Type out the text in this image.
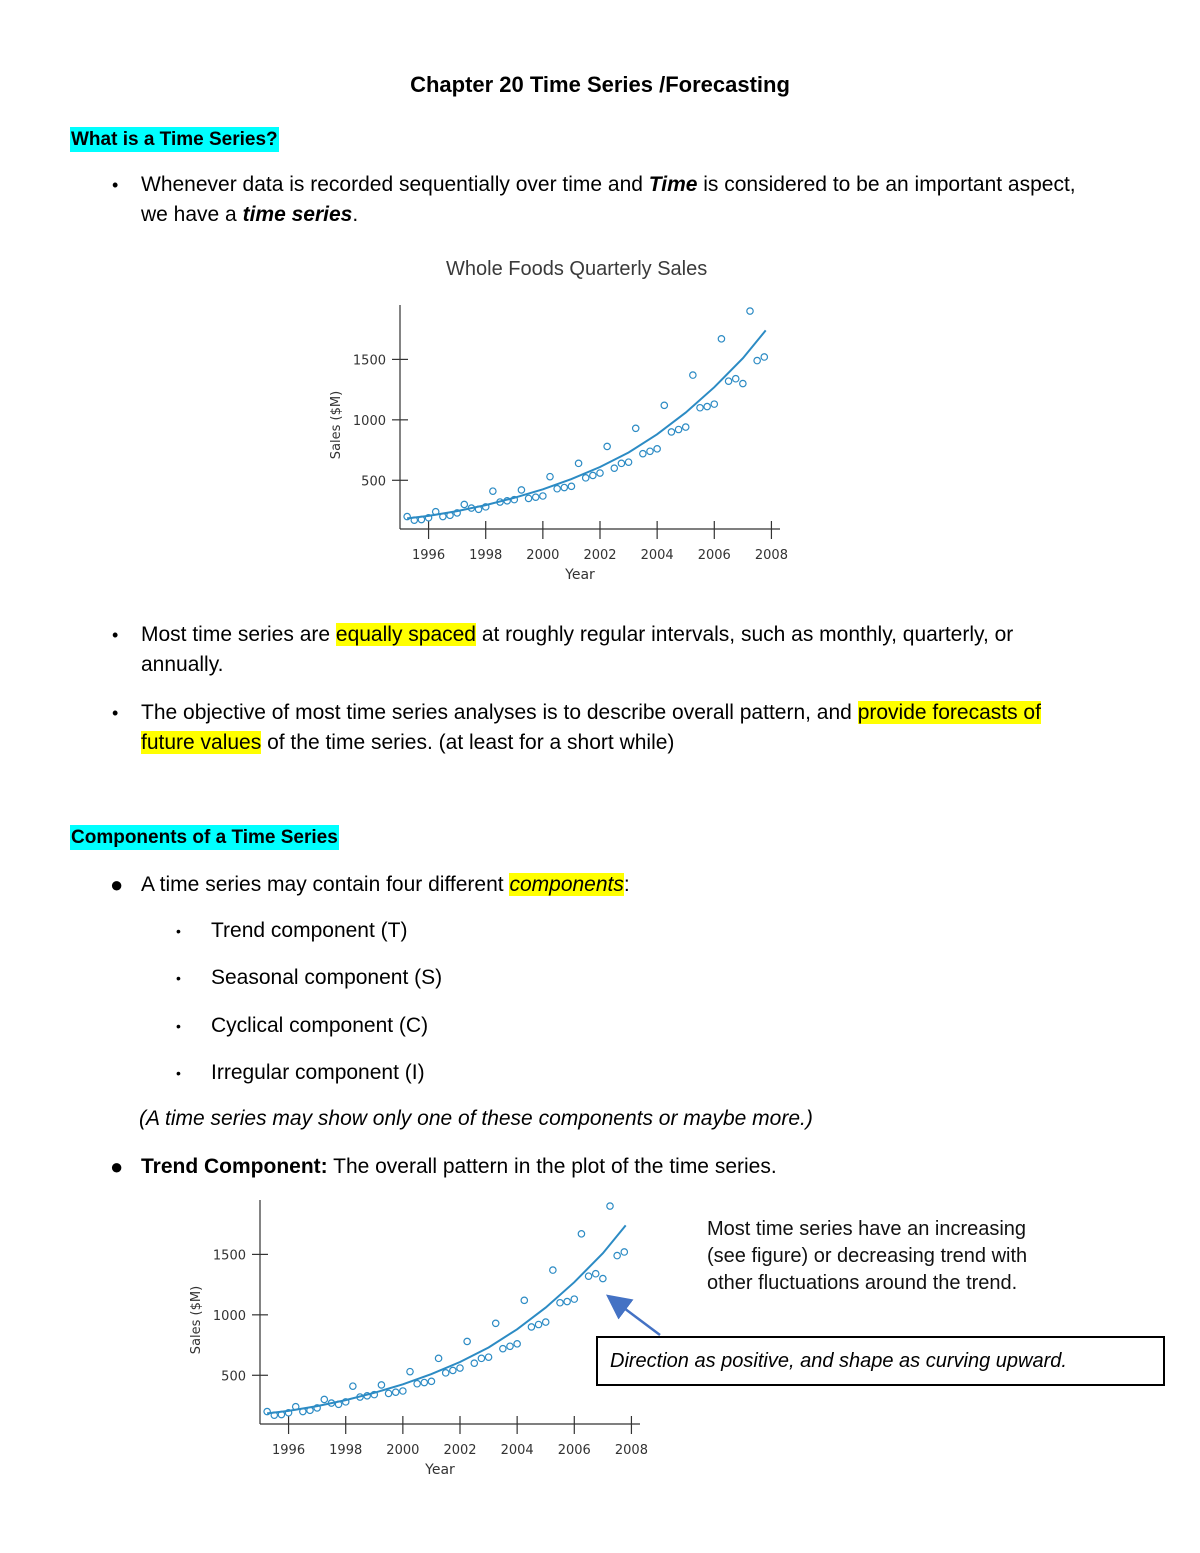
Chapter 20 Time Series /Forecasting
What is a Time Series?
• Whenever data is recorded sequentially over time and Time is considered to be an important aspect,
we have a time series.
Whole Foods Quarterly Sales
500
1000
1500
1996 1998 2000 2002 2004 2006 2008
Year
Sales ($M)
• Most time series are equally spaced at roughly regular intervals, such as monthly, quarterly, or
annually.
• The objective of most time series analyses is to describe overall pattern, and provide forecasts of
future values of the time series. (at least for a short while)
Components of a Time Series
● A time series may contain four different components:
• Trend component (T)
• Seasonal component (S)
• Cyclical component (C)
• Irregular component (I)
(A time series may show only one of these components or maybe more.)
● Trend Component: The overall pattern in the plot of the time series.
500
1000
1500
1996 1998 2000 2002 2004 2006 2008
Year
Sales ($M)
Most time series have an increasing
(see figure) or decreasing trend with
other fluctuations around the trend.
Direction as positive, and shape as curving upward.
